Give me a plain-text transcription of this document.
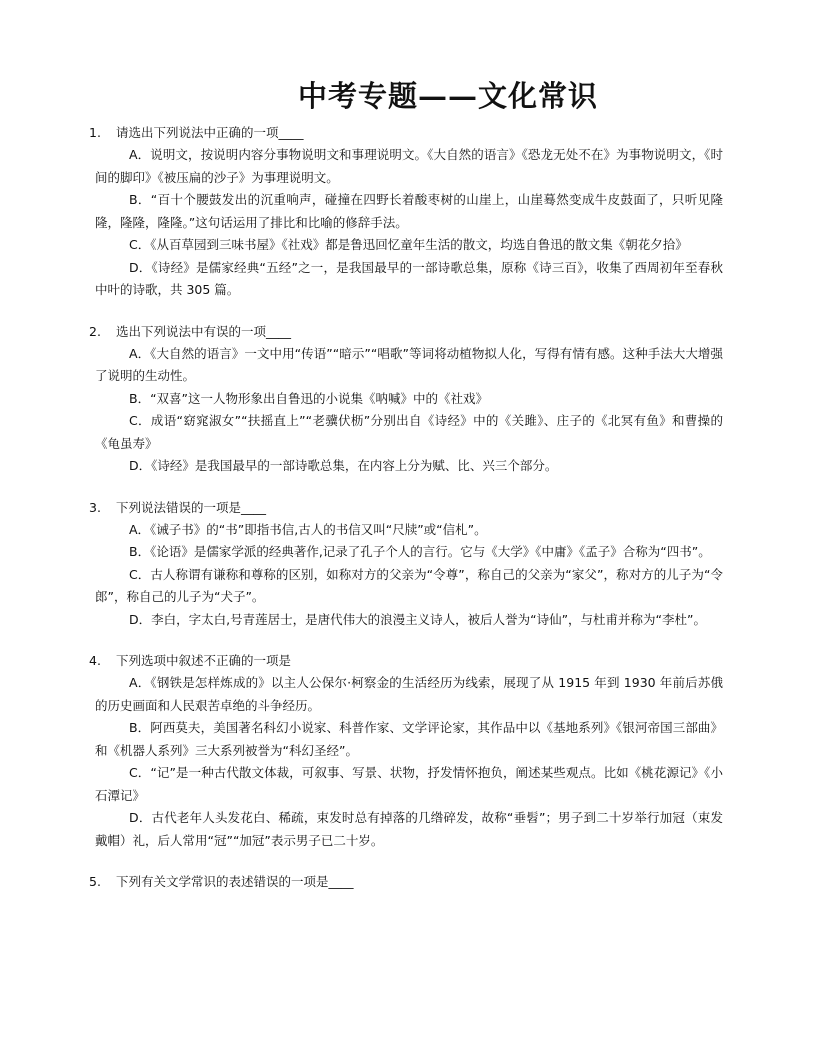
中考专题——文化常识
1. 请选出下列说法中正确的一项____
A．说明文，按说明内容分事物说明文和事理说明文。《大自然的语言》《恐龙无处不在》为事物说明文，《时间的脚印》《被压扁的沙子》为事理说明文。
B．“百十个腰鼓发出的沉重响声，碰撞在四野长着酸枣树的山崖上，山崖蓦然变成牛皮鼓面了，只听见隆隆，隆隆，隆隆。”这句话运用了排比和比喻的修辞手法。
C．《从百草园到三味书屋》《社戏》都是鲁迅回忆童年生活的散文，均选自鲁迅的散文集《朝花夕拾》
D．《诗经》是儒家经典“五经”之一，是我国最早的一部诗歌总集，原称《诗三百》，收集了西周初年至春秋中叶的诗歌，共 305 篇。
2. 选出下列说法中有误的一项____
A．《大自然的语言》一文中用“传语”“暗示”“唱歌”等词将动植物拟人化，写得有情有感。这种手法大大增强了说明的生动性。
B．“双喜”这一人物形象出自鲁迅的小说集《呐喊》中的《社戏》
C．成语“窈窕淑女”“扶摇直上”“老骥伏枥”分别出自《诗经》中的《关雎》、庄子的《北冥有鱼》和曹操的《龟虽寿》
D．《诗经》是我国最早的一部诗歌总集，在内容上分为赋、比、兴三个部分。
3. 下列说法错误的一项是____
A．《诫子书》的“书”即指书信,古人的书信又叫“尺牍”或“信札”。
B．《论语》是儒家学派的经典著作,记录了孔子个人的言行。它与《大学》《中庸》《孟子》合称为“四书”。
C．古人称谓有谦称和尊称的区别，如称对方的父亲为“令尊”，称自己的父亲为“家父”，称对方的儿子为“令郎”，称自己的儿子为“犬子”。
D．李白，字太白,号青莲居士，是唐代伟大的浪漫主义诗人，被后人誉为“诗仙”，与杜甫并称为“李杜”。
4. 下列选项中叙述不正确的一项是
A．《钢铁是怎样炼成的》以主人公保尔·柯察金的生活经历为线索，展现了从 1915 年到 1930 年前后苏俄的历史画面和人民艰苦卓绝的斗争经历。
B．阿西莫夫，美国著名科幻小说家、科普作家、文学评论家，其作品中以《基地系列》《银河帝国三部曲》和《机器人系列》三大系列被誉为“科幻圣经”。
C．“记”是一种古代散文体裁，可叙事、写景、状物，抒发情怀抱负，阐述某些观点。比如《桃花源记》《小石潭记》
D．古代老年人头发花白、稀疏，束发时总有掉落的几绺碎发，故称“垂髫”；男子到二十岁举行加冠（束发戴帽）礼，后人常用“冠”“加冠”表示男子已二十岁。
5. 下列有关文学常识的表述错误的一项是____
